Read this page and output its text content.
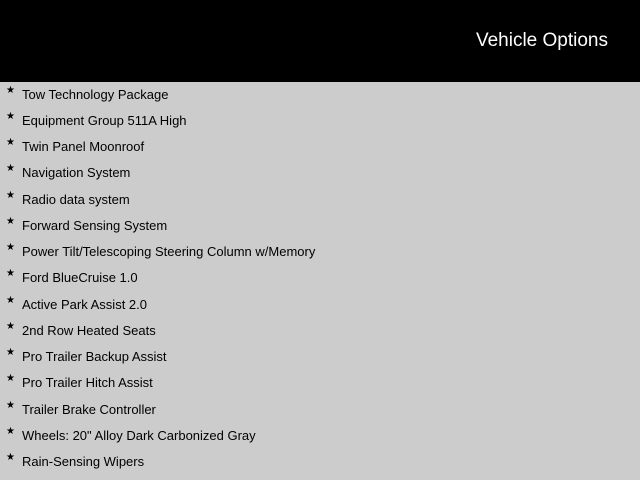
Vehicle Options
★ Tow Technology Package
★ Equipment Group 511A High
★ Twin Panel Moonroof
★ Navigation System
★ Radio data system
★ Forward Sensing System
★ Power Tilt/Telescoping Steering Column w/Memory
★ Ford BlueCruise 1.0
★ Active Park Assist 2.0
★ 2nd Row Heated Seats
★ Pro Trailer Backup Assist
★ Pro Trailer Hitch Assist
★ Trailer Brake Controller
★ Wheels: 20" Alloy Dark Carbonized Gray
★ Rain-Sensing Wipers
